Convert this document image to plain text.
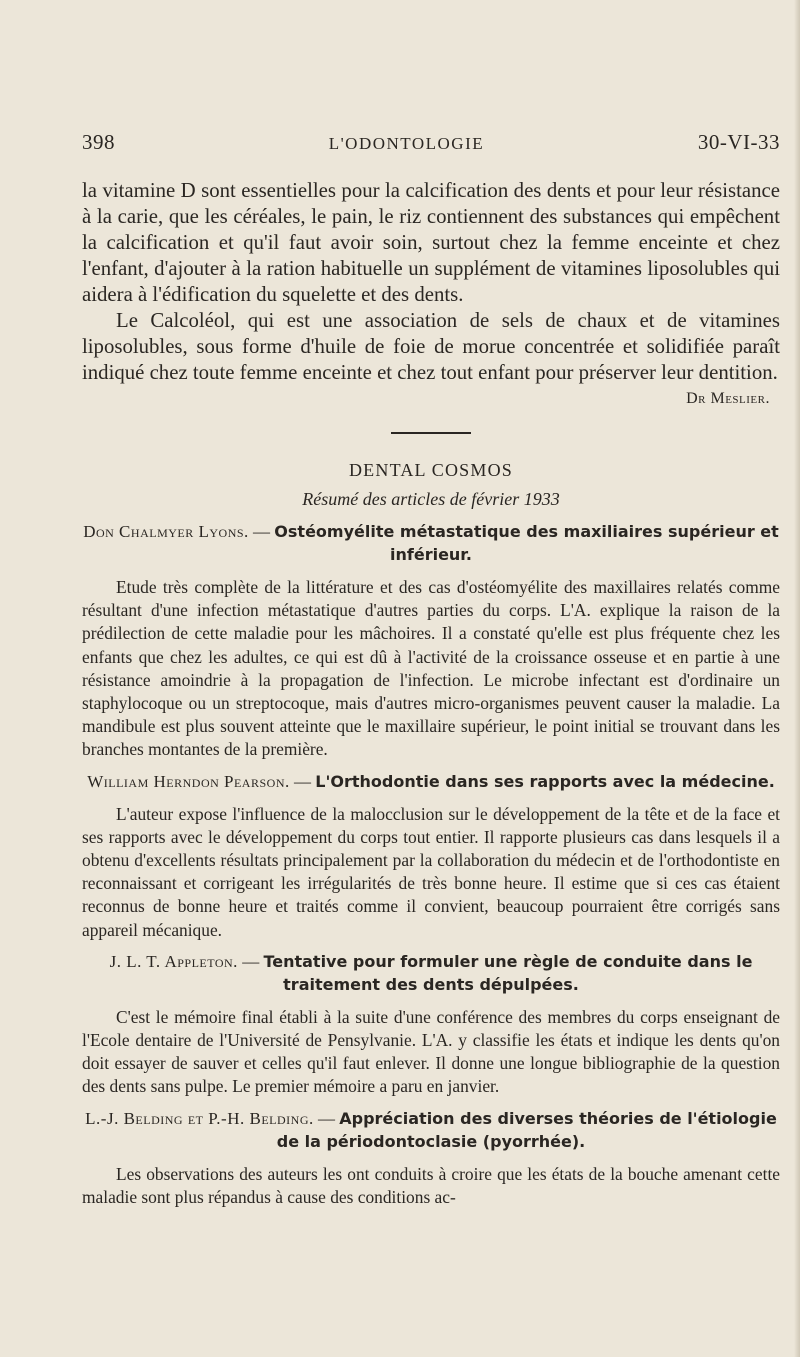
398	L'ODONTOLOGIE	30-VI-33

la vitamine D sont essentielles pour la calcification des dents et pour leur résistance à la carie, que les céréales, le pain, le riz contiennent des substances qui empêchent la calcification et qu'il faut avoir soin, surtout chez la femme enceinte et chez l'enfant, d'ajouter à la ration habituelle un supplément de vitamines liposolubles qui aidera à l'édification du squelette et des dents.

Le Calcoléol, qui est une association de sels de chaux et de vitamines liposolubles, sous forme d'huile de foie de morue concentrée et solidifiée paraît indiqué chez toute femme enceinte et chez tout enfant pour préserver leur dentition.

Dr Meslier.
DENTAL COSMOS
Résumé des articles de février 1933
Don Chalmyer Lyons. — Ostéomyélite métastatique des maxiliaires supérieur et inférieur.

Etude très complète de la littérature et des cas d'ostéomyélite des maxillaires relatés comme résultant d'une infection métastatique d'autres parties du corps. L'A. explique la raison de la prédilection de cette maladie pour les mâchoires. Il a constaté qu'elle est plus fréquente chez les enfants que chez les adultes, ce qui est dû à l'activité de la croissance osseuse et en partie à une résistance amoindrie à la propagation de l'infection. Le microbe infectant est d'ordinaire un staphylocoque ou un streptocoque, mais d'autres micro-organismes peuvent causer la maladie. La mandibule est plus souvent atteinte que le maxillaire supérieur, le point initial se trouvant dans les branches montantes de la première.

William Herndon Pearson. — L'Orthodontie dans ses rapports avec la médecine.

L'auteur expose l'influence de la malocclusion sur le développement de la tête et de la face et ses rapports avec le développement du corps tout entier. Il rapporte plusieurs cas dans lesquels il a obtenu d'excellents résultats principalement par la collaboration du médecin et de l'orthodontiste en reconnaissant et corrigeant les irrégularités de très bonne heure. Il estime que si ces cas étaient reconnus de bonne heure et traités comme il convient, beaucoup pourraient être corrigés sans appareil mécanique.

J. L. T. Appleton. — Tentative pour formuler une règle de conduite dans le traitement des dents dépulpées.

C'est le mémoire final établi à la suite d'une conférence des membres du corps enseignant de l'Ecole dentaire de l'Université de Pensylvanie. L'A. y classifie les états et indique les dents qu'on doit essayer de sauver et celles qu'il faut enlever. Il donne une longue bibliographie de la question des dents sans pulpe. Le premier mémoire a paru en janvier.

L.-J. Belding et P.-H. Belding. — Appréciation des diverses théories de l'étiologie de la périodontoclasie (pyorrhée).

Les observations des auteurs les ont conduits à croire que les états de la bouche amenant cette maladie sont plus répandus à cause des conditions ac-
